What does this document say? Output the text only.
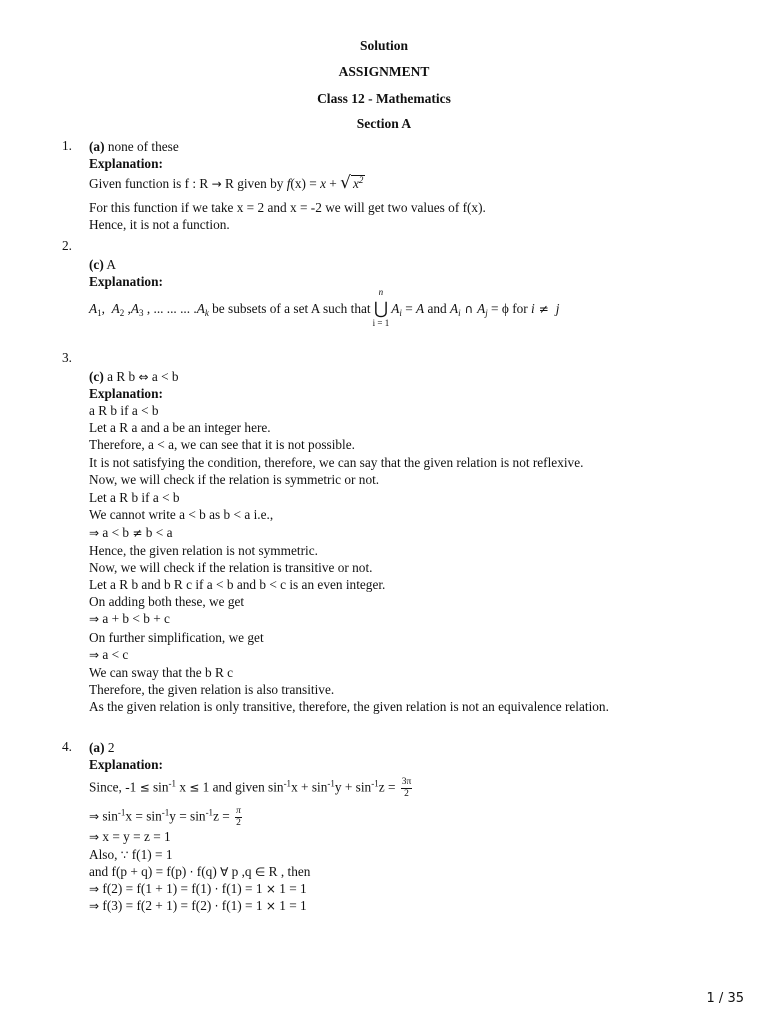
Solution
ASSIGNMENT
Class 12 - Mathematics
Section A
1. (a) none of these
Explanation:
Given function is f : R → R given by f(x) = x + √ $x^2$
For this function if we take x = 2 and x = -2 we will get two values of f(x).
Hence, it is not a function.
2.
(c) A
Explanation:
$A_1$,  $A_2$ $,A_3$ , ... ... ... $.A_k$ be subsets of a set A such that
n
⋃
i = 1
$A_i = A$ and $A_i$ ∩ $A_j = \phi$ for i ≠  j
3.
(c) a R b ⇔ a < b
Explanation:
a R b if a < b
Let a R a and a be an integer here.
Therefore, a < a, we can see that it is not possible.
It is not satisfying the condition, therefore, we can say that the given relation is not reflexive.
Now, we will check if the relation is symmetric or not.
Let a R b if a < b
We cannot write a < b as b < a i.e.,
⇒ a < b ≠ b < a
Hence, the given relation is not symmetric.
Now, we will check if the relation is transitive or not.
Let a R b and b R c if a < b and b < c is an even integer.
On adding both these, we get
⇒ a + b < b + c
On further simplification, we get
⇒ a < c
We can sway that the b R c
Therefore, the given relation is also transitive.
As the given relation is only transitive, therefore, the given relation is not an equivalence relation.
4. (a) 2
Explanation:
Since, $-1 \le \sin^{-1} x \le 1$ and given $\sin^{-1}x + \sin^{-1}y + \sin^{-1}z = \frac{3\pi}{2}$
⇒ $\sin^{-1}x = \sin^{-1}y = \sin^{-1}z = \frac{\pi}{2}$
⇒ x = y = z = 1
Also, ∵ f(1) = 1
and f(p + q) = f(p) · f(q) ∀ p ,q ∈ R , then
⇒ f(2) = f(1 + 1) = f(1) · f(1) = 1 × 1 = 1
⇒ f(3) = f(2 + 1) = f(2) · f(1) = 1 × 1 = 1
1 / 35
